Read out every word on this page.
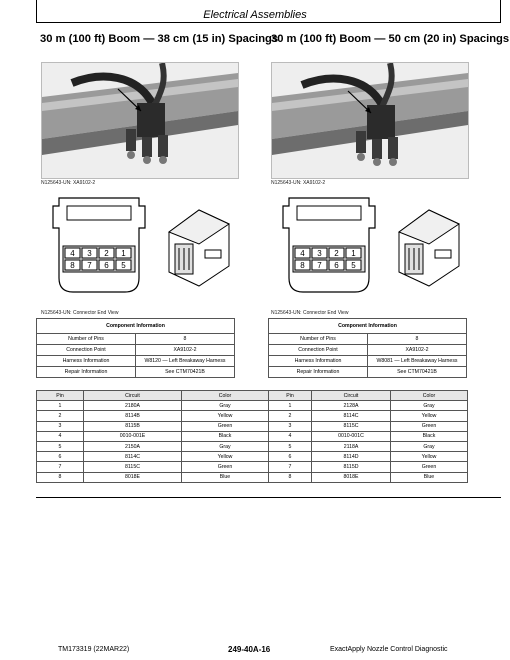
Electrical Assemblies
30 m (100 ft) Boom — 38 cm (15 in) Spacings
30 m (100 ft) Boom — 50 cm (20 in) Spacings
N125643-UN: XA9102-2	N125643-UN: XA9102-2
4 3 2 1
8 7 6 5
4 3 2 1
8 7 6 5
N125643-UN: Connector End View	N125643-UN: Connector End View
Component Information	
Number of Pins	8
Connection Point	XA9102-2
Harness Information	W8120 — Left Breakaway Harness
Repair Information	See CTM70421B
Component Information	
Number of Pins	8
Connection Point	XA9102-2
Harness Information	W8081 — Left Breakaway Harness
Repair Information	See CTM70421B
Pin	Circuit	Color
1	2180A	Gray
2	8114B	Yellow
3	8115B	Green
4	0010-001E	Black
5	2150A	Gray
6	8114C	Yellow
7	8115C	Green
8	8018E	Blue
Pin	Circuit	Color
1	2128A	Gray
2	8114C	Yellow
3	8115C	Green
4	0010-001C	Black
5	2118A	Gray
6	8114D	Yellow
7	8115D	Green
8	8018E	Blue
TM173319 (22MAR22)	249-40A-16	ExactApply Nozzle Control Diagnostic
